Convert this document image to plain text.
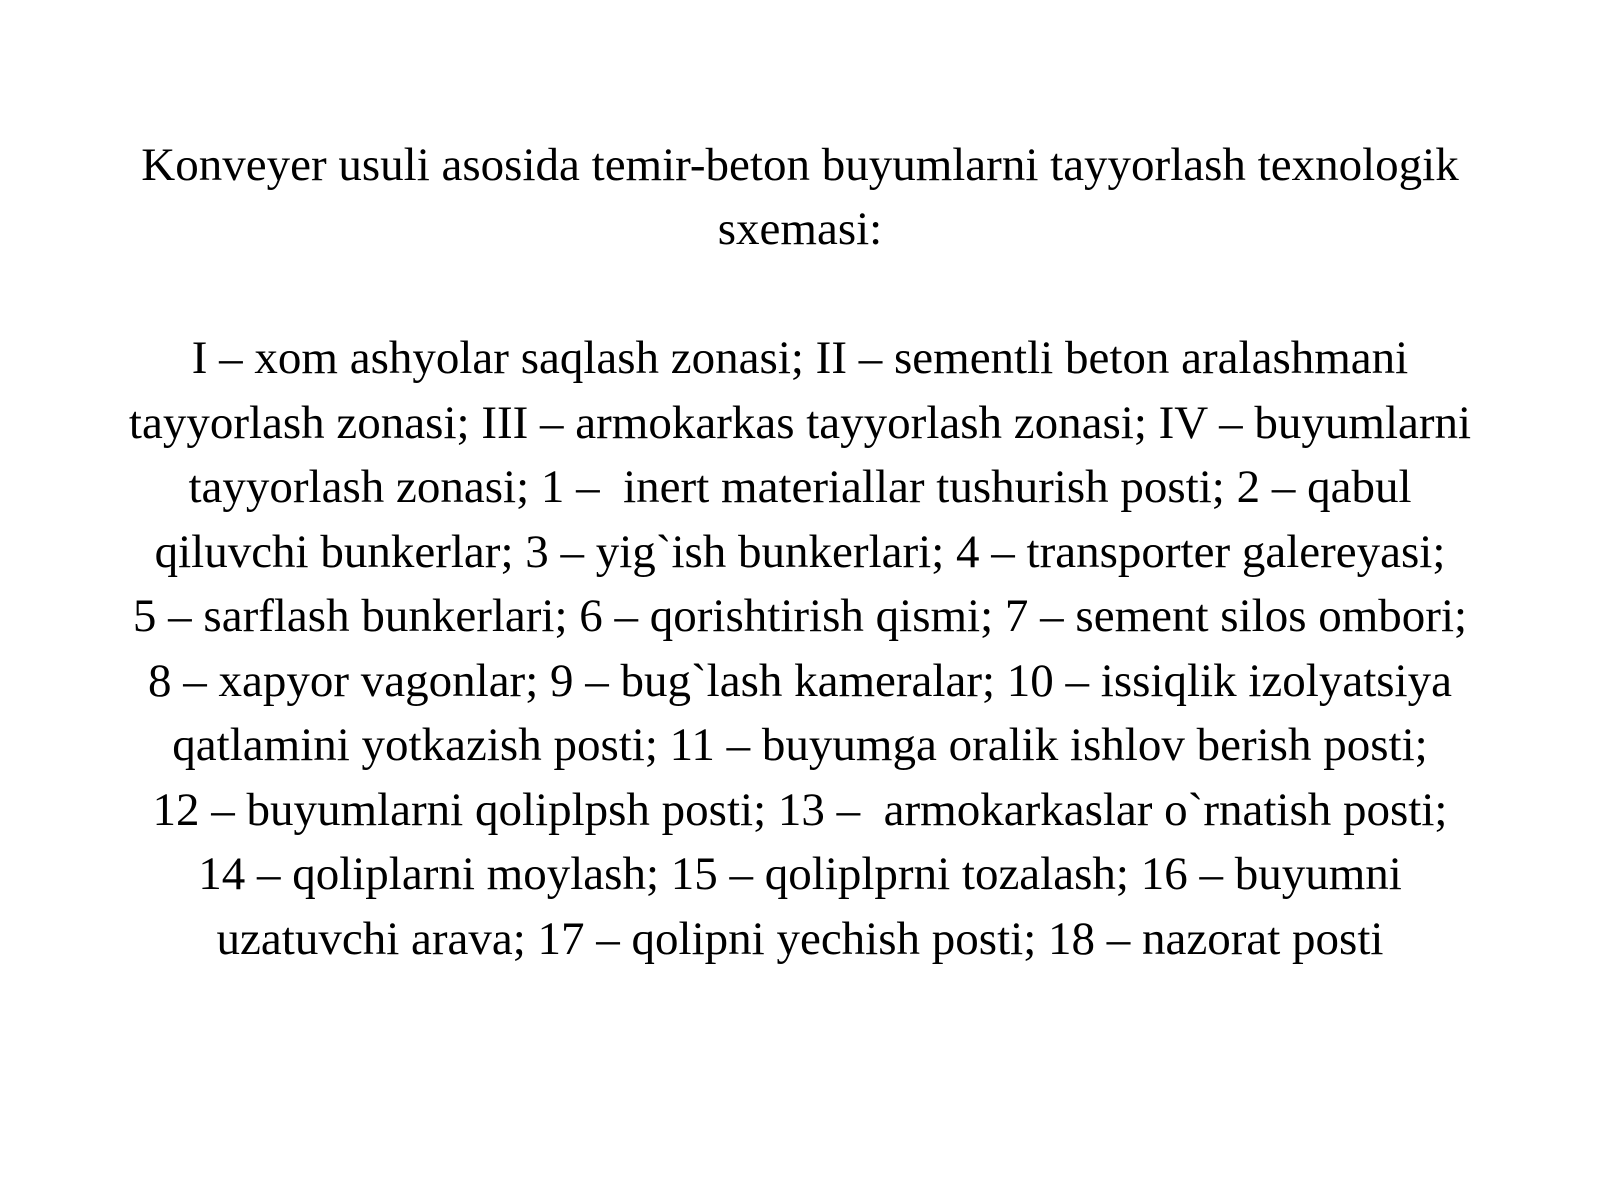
Konveyer usuli asosida temir-beton buyumlarni tayyorlash texnologik
sxemasi:
I – xom ashyolar saqlash zonasi; II – sementli beton aralashmani
tayyorlash zonasi; III – armokarkas tayyorlash zonasi; IV – buyumlarni
tayyorlash zonasi; 1 –  inert materiallar tushurish posti; 2 – qabul
qiluvchi bunkerlar; 3 – yig`ish bunkerlari; 4 – transporter galereyasi;
5 – sarflash bunkerlari; 6 – qorishtirish qismi; 7 – sement silos ombori;
8 – xapyor vagonlar; 9 – bug`lash kameralar; 10 – issiqlik izolyatsiya
qatlamini yotkazish posti; 11 – buyumga oralik ishlov berish posti;
12 – buyumlarni qoliplpsh posti; 13 –  armokarkaslar o`rnatish posti;
14 – qoliplarni moylash; 15 – qoliplprni tozalash; 16 – buyumni
uzatuvchi arava; 17 – qolipni yechish posti; 18 – nazorat posti
